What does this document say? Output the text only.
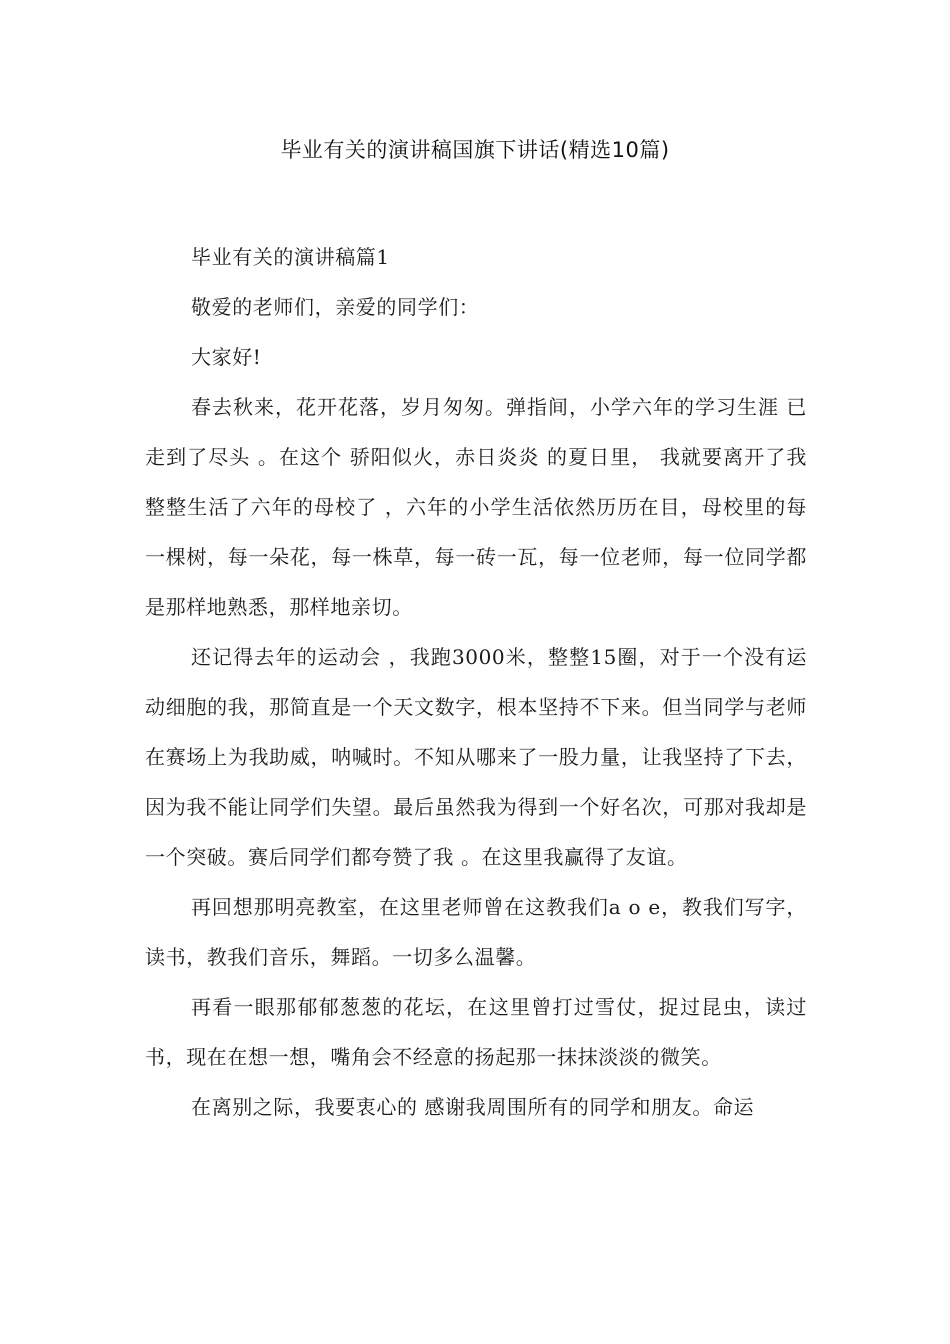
毕业有关的演讲稿国旗下讲话(精选10篇)

毕业有关的演讲稿篇1

敬爱的老师们，亲爱的同学们：

大家好!

春去秋来，花开花落，岁月匆匆。弹指间，小学六年的学习生涯 已走到了尽头 。在这个 骄阳似火，赤日炎炎 的夏日里， 我就要离开了我整整生活了六年的母校了 ，六年的小学生活依然历历在目，母校里的每一棵树，每一朵花，每一株草，每一砖一瓦，每一位老师，每一位同学都是那样地熟悉，那样地亲切。

还记得去年的运动会 ，我跑3000米，整整15圈，对于一个没有运动细胞的我，那简直是一个天文数字，根本坚持不下来。但当同学与老师在赛场上为我助威，呐喊时。不知从哪来了一股力量，让我坚持了下去，因为我不能让同学们失望。最后虽然我为得到一个好名次，可那对我却是一个突破。赛后同学们都夸赞了我 。在这里我赢得了友谊。

再回想那明亮教室，在这里老师曾在这教我们a o e，教我们写字，读书，教我们音乐，舞蹈。一切多么温馨。

再看一眼那郁郁葱葱的花坛，在这里曾打过雪仗，捉过昆虫，读过书，现在在想一想，嘴角会不经意的扬起那一抹抹淡淡的微笑。

在离别之际，我要衷心的 感谢我周围所有的同学和朋友。命运
